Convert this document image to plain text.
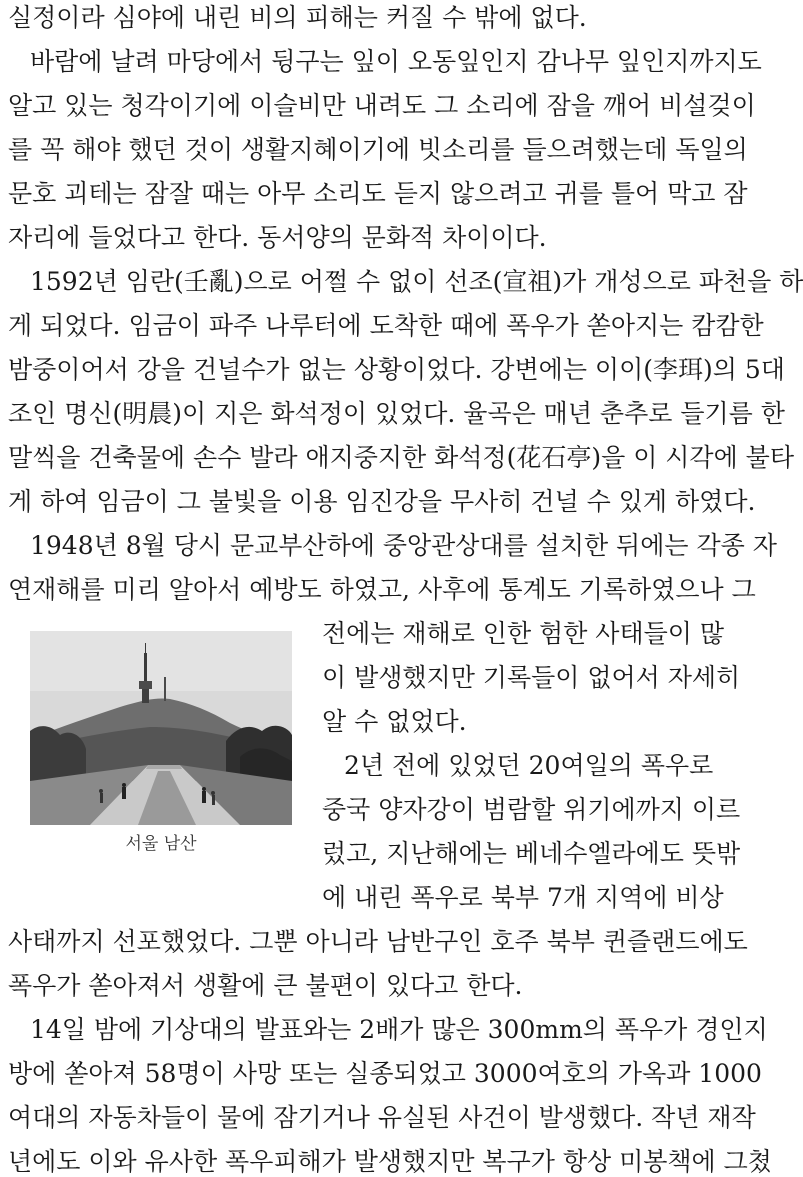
실정이라 심야에 내린 비의 피해는 커질 수 밖에 없다.
바람에 날려 마당에서 뒹구는 잎이 오동잎인지 감나무 잎인지까지도
알고 있는 청각이기에 이슬비만 내려도 그 소리에 잠을 깨어 비설겆이
를 꼭 해야 했던 것이 생활지혜이기에 빗소리를 들으려했는데 독일의
문호 괴테는 잠잘 때는 아무 소리도 듣지 않으려고 귀를 틀어 막고 잠
자리에 들었다고 한다. 동서양의 문화적 차이이다.
1592년 임란(壬亂)으로 어쩔 수 없이 선조(宣祖)가 개성으로 파천을 하
게 되었다. 임금이 파주 나루터에 도착한 때에 폭우가 쏟아지는 캄캄한
밤중이어서 강을 건널수가 없는 상황이었다. 강변에는 이이(李珥)의 5대
조인 명신(明晨)이 지은 화석정이 있었다. 율곡은 매년 춘추로 들기름 한
말씩을 건축물에 손수 발라 애지중지한 화석정(花石亭)을 이 시각에 불타
게 하여 임금이 그 불빛을 이용 임진강을 무사히 건널 수 있게 하였다.
1948년 8월 당시 문교부산하에 중앙관상대를 설치한 뒤에는 각종 자
연재해를 미리 알아서 예방도 하였고, 사후에 통계도 기록하였으나 그
전에는 재해로 인한 험한 사태들이 많
이 발생했지만 기록들이 없어서 자세히
알 수 없었다.
2년 전에 있었던 20여일의 폭우로
중국 양자강이 범람할 위기에까지 이르
렀고, 지난해에는 베네수엘라에도 뜻밖
에 내린 폭우로 북부 7개 지역에 비상
사태까지 선포했었다. 그뿐 아니라 남반구인 호주 북부 퀸즐랜드에도
폭우가 쏟아져서 생활에 큰 불편이 있다고 한다.
14일 밤에 기상대의 발표와는 2배가 많은 300mm의 폭우가 경인지
방에 쏟아져 58명이 사망 또는 실종되었고 3000여호의 가옥과 1000
여대의 자동차들이 물에 잠기거나 유실된 사건이 발생했다. 작년 재작
년에도 이와 유사한 폭우피해가 발생했지만 복구가 항상 미봉책에 그쳤
서울 남산
